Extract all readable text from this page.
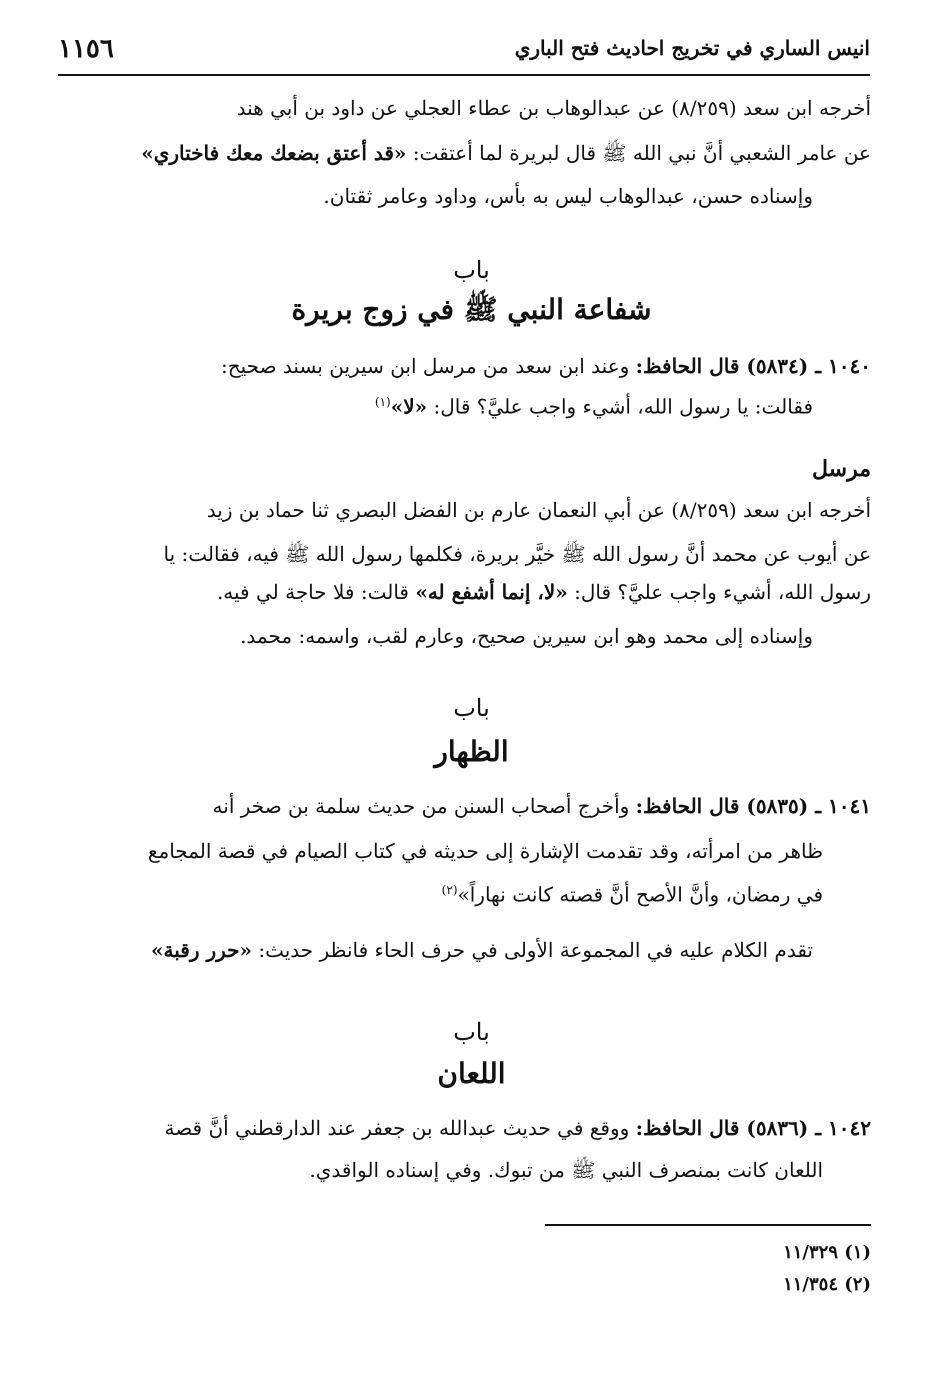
١١٥٦	انيس الساري في تخريج احاديث فتح الباري
أخرجه ابن سعد (٨/٢٥٩) عن عبدالوهاب بن عطاء العجلي عن داود بن أبي هند
عن عامر الشعبي أنَّ نبي الله ﷺ قال لبريرة لما أعتقت: «قد أعتق بضعك معك فاختاري»
وإسناده حسن، عبدالوهاب ليس به بأس، وداود وعامر ثقتان.
باب
شفاعة النبي ﷺ في زوج بريرة
١٠٤٠ ـ (٥٨٣٤) قال الحافظ: وعند ابن سعد من مرسل ابن سيرين بسند صحيح:
فقالت: يا رسول الله، أشيء واجب عليَّ؟ قال: «لا»$^{(١)}$
مرسل
أخرجه ابن سعد (٨/٢٥٩) عن أبي النعمان عارم بن الفضل البصري ثنا حماد بن زيد
عن أيوب عن محمد أنَّ رسول الله ﷺ خيَّر بريرة، فكلمها رسول الله ﷺ فيه، فقالت: يا
رسول الله، أشيء واجب عليَّ؟ قال: «لا، إنما أشفع له» قالت: فلا حاجة لي فيه.
وإسناده إلى محمد وهو ابن سيرين صحيح، وعارم لقب، واسمه: محمد.
باب
الظهار
١٠٤١ ـ (٥٨٣٥) قال الحافظ: وأخرج أصحاب السنن من حديث سلمة بن صخر أنه
ظاهر من امرأته، وقد تقدمت الإشارة إلى حديثه في كتاب الصيام في قصة المجامع
في رمضان، وأنَّ الأصح أنَّ قصته كانت نهاراً»$^{(٢)}$
تقدم الكلام عليه في المجموعة الأولى في حرف الحاء فانظر حديث: «حرر رقبة»
باب
اللعان
١٠٤٢ ـ (٥٨٣٦) قال الحافظ: ووقع في حديث عبدالله بن جعفر عند الدارقطني أنَّ قصة
اللعان كانت بمنصرف النبي ﷺ من تبوك. وفي إسناده الواقدي.
(١) ١١/٣٢٩
(٢) ١١/٣٥٤
